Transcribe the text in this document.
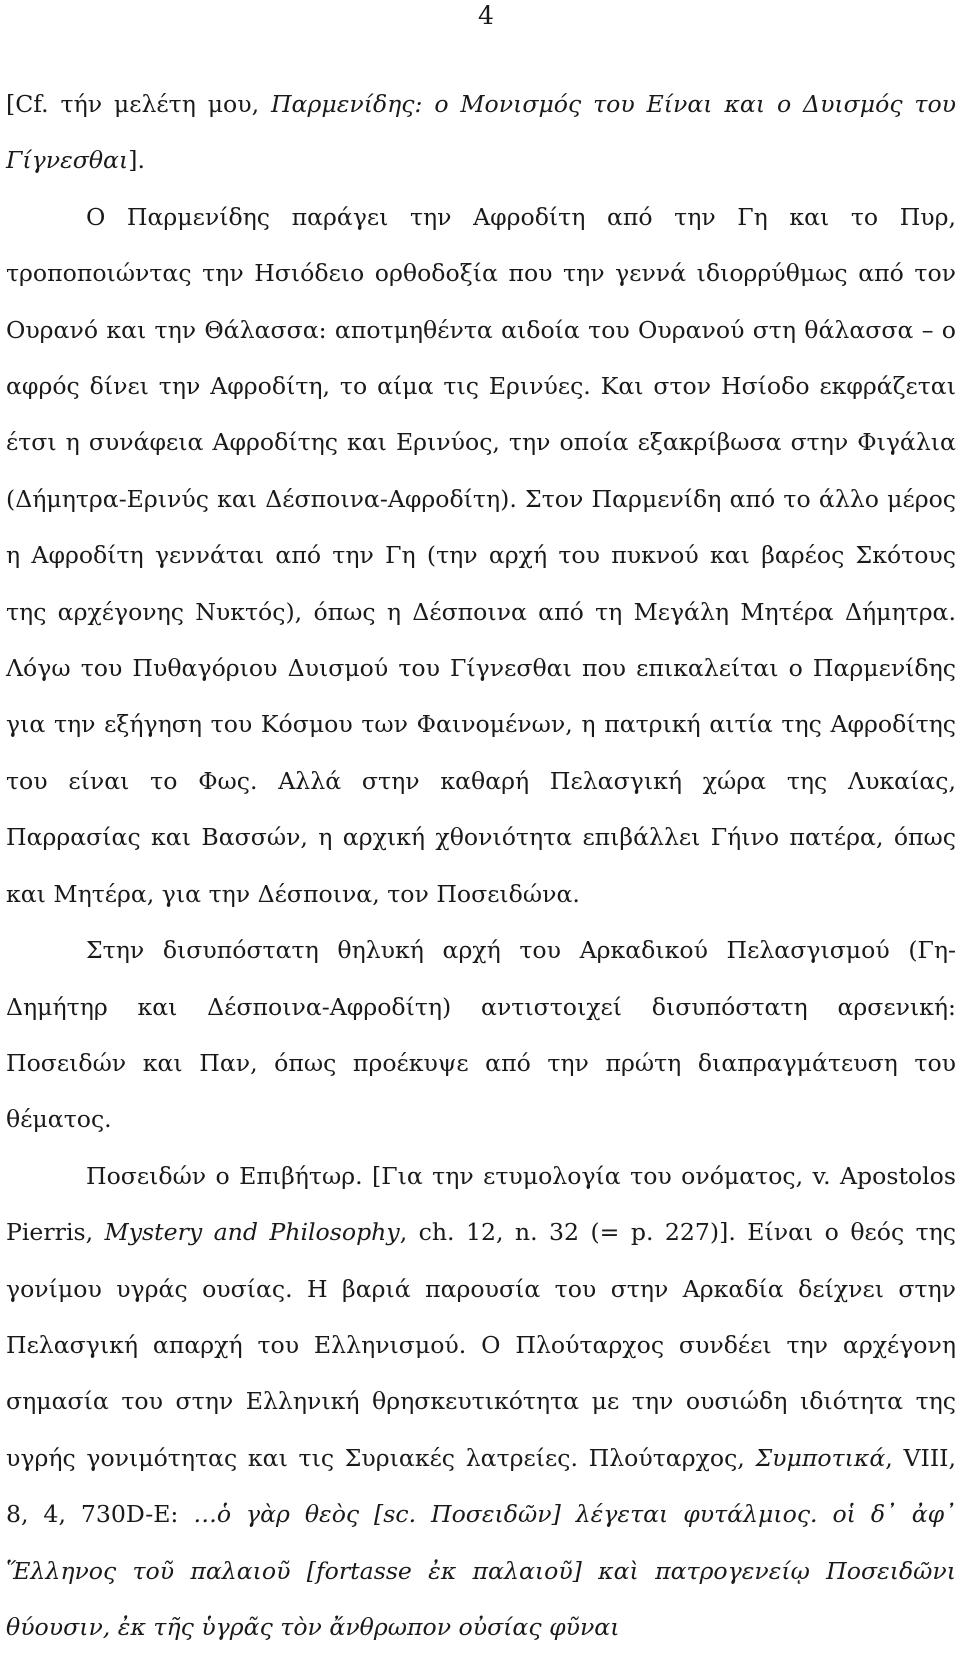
4

[Cf. τήν μελέτη μου, Παρμενίδης: ο Μονισμός του Είναι και ο Δυισμός του Γίγνεσθαι].

Ο Παρμενίδης παράγει την Αφροδίτη από την Γη και το Πυρ, τροποποιώντας την Ησιόδειο ορθοδοξία που την γεννά ιδιορρύθμως από τον Ουρανό και την Θάλασσα: αποτμηθέντα αιδοία του Ουρανού στη θάλασσα – ο αφρός δίνει την Αφροδίτη, το αίμα τις Ερινύες. Και στον Ησίοδο εκφράζεται έτσι η συνάφεια Αφροδίτης και Ερινύος, την οποία εξακρίβωσα στην Φιγάλια (Δήμητρα-Ερινύς και Δέσποινα-Αφροδίτη). Στον Παρμενίδη από το άλλο μέρος η Αφροδίτη γεννάται από την Γη (την αρχή του πυκνού και βαρέος Σκότους της αρχέγονης Νυκτός), όπως η Δέσποινα από τη Μεγάλη Μητέρα Δήμητρα. Λόγω του Πυθαγόριου Δυισμού του Γίγνεσθαι που επικαλείται ο Παρμενίδης για την εξήγηση του Κόσμου των Φαινομένων, η πατρική αιτία της Αφροδίτης του είναι το Φως. Αλλά στην καθαρή Πελασγική χώρα της Λυκαίας, Παρρασίας και Βασσών, η αρχική χθονιότητα επιβάλλει Γήινο πατέρα, όπως και Μητέρα, για την Δέσποινα, τον Ποσειδώνα.

Στην δισυπόστατη θηλυκή αρχή του Αρκαδικού Πελασγισμού (Γη-Δημήτηρ και Δέσποινα-Αφροδίτη) αντιστοιχεί δισυπόστατη αρσενική: Ποσειδών και Παν, όπως προέκυψε από την πρώτη διαπραγμάτευση του θέματος.

Ποσειδών ο Επιβήτωρ. [Για την ετυμολογία του ονόματος, v. Apostolos Pierris, Mystery and Philosophy, ch. 12, n. 32 (= p. 227)]. Είναι ο θεός της γονίμου υγράς ουσίας. Η βαριά παρουσία του στην Αρκαδία δείχνει στην Πελασγική απαρχή του Ελληνισμού. Ο Πλούταρχος συνδέει την αρχέγονη σημασία του στην Ελληνική θρησκευτικότητα με την ουσιώδη ιδιότητα της υγρής γονιμότητας και τις Συριακές λατρείες. Πλούταρχος, Συμποτικά, VIII, 8, 4, 730D-E: …ὁ γὰρ θεὸς [sc. Ποσειδῶν] λέγεται φυτάλμιος. οἱ δ᾽ ἀφ᾽ Ἕλληνος τοῦ παλαιοῦ [fortasse ἐκ παλαιοῦ] καὶ πατρογενείῳ Ποσειδῶνι θύουσιν, ἐκ τῆς ὑγρᾶς τὸν ἄνθρωπον οὐσίας φῦναι
